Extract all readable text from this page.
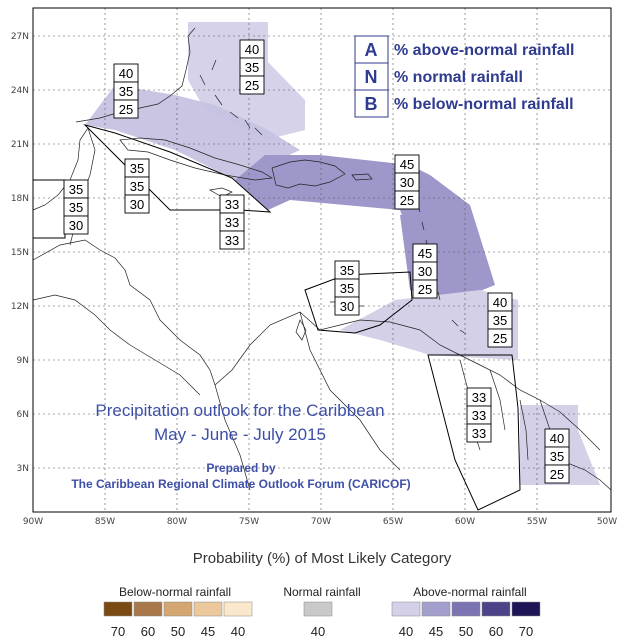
27N
24N
21N
18N
15N
12N
9N
6N
3N
90W	85W	80W	75W	70W	65W	60W	55W	50W
40
35
25
40
35
25
35
35
30
35
35
30
33
33
33
45
30
25
45
30
25
35
35
30	40
35
25
33
33
33	40
35
25
A % above-normal rainfall
N % normal rainfall
B % below-normal rainfall
Precipitation outlook for the Caribbean
May - June - July 2015
Prepared by
The Caribbean Regional Climate Outlook Forum (CARICOF)
Probability (%) of Most Likely Category
Below-normal rainfall	Normal rainfall	Above-normal rainfall
70 60 50 45 40	40	40 45 50 60 70
